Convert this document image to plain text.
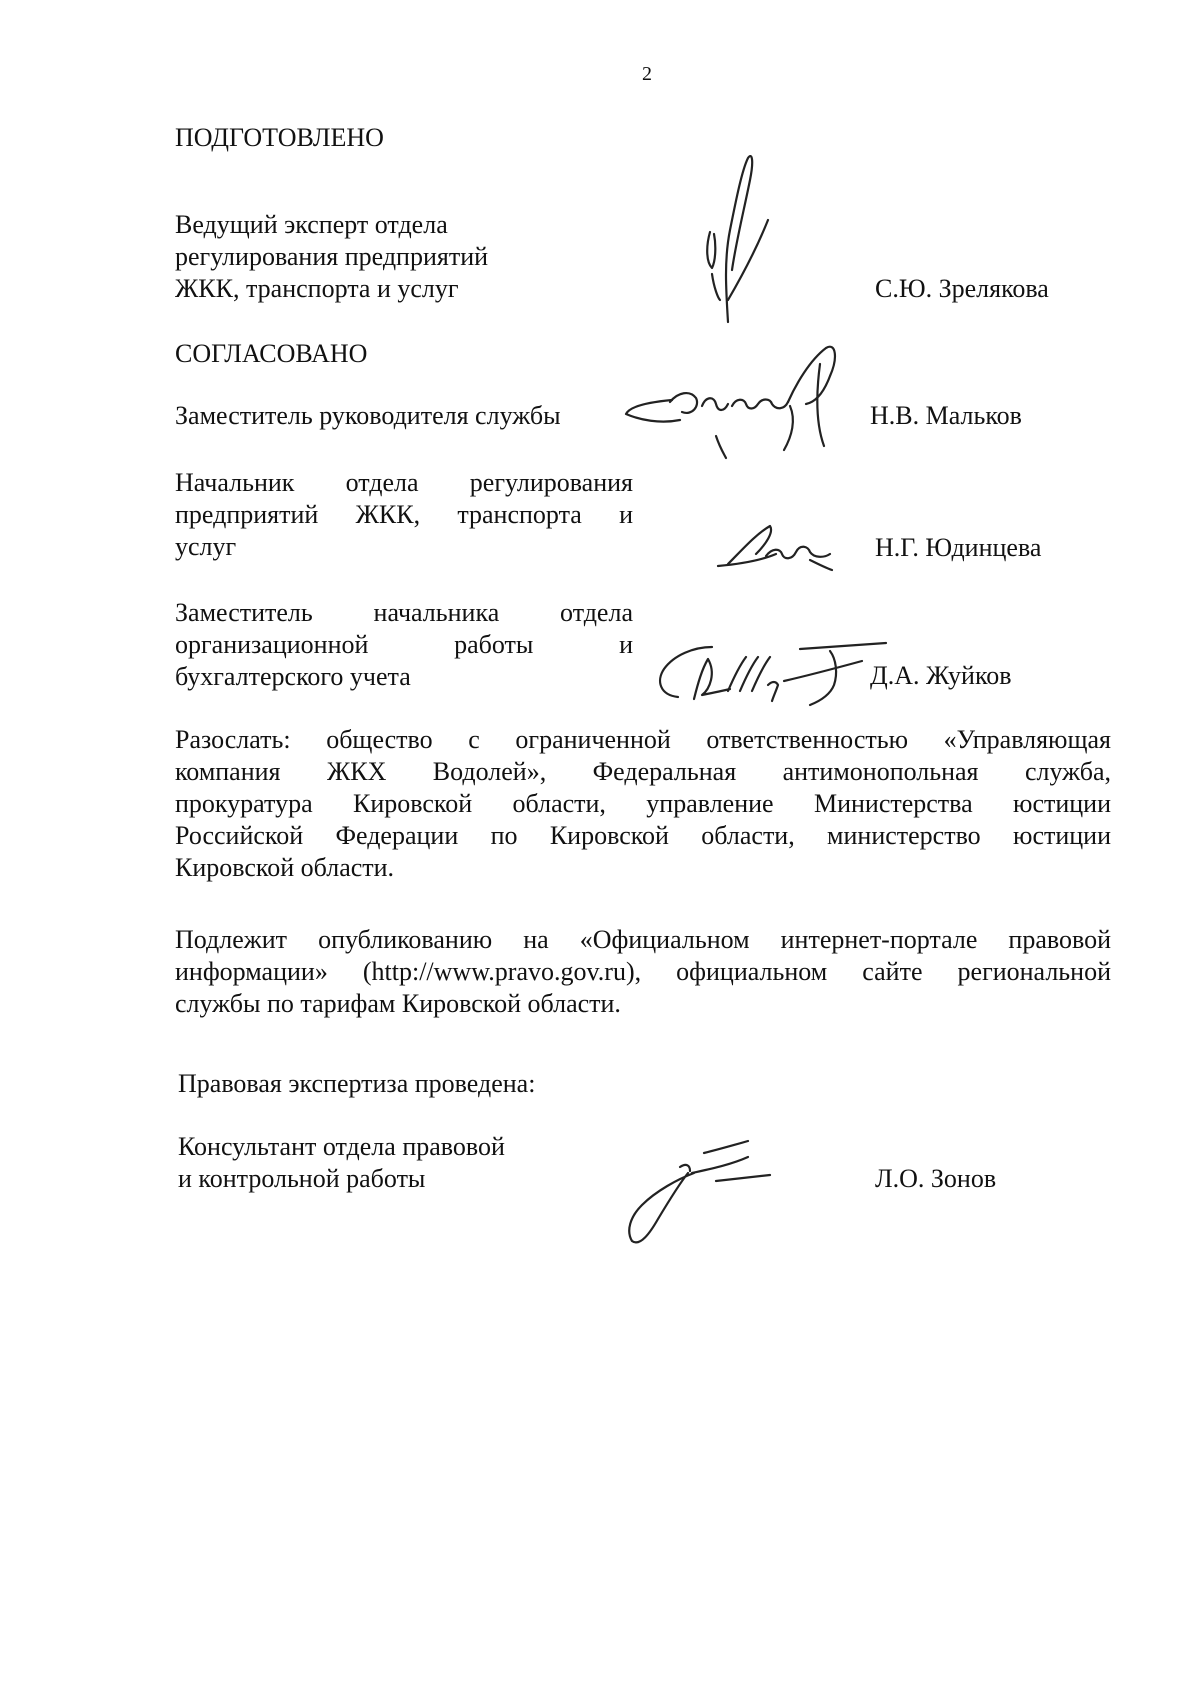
2
ПОДГОТОВЛЕНО
Ведущий эксперт отдела
регулирования предприятий
ЖКК, транспорта и услуг	С.Ю. Зрелякова
СОГЛАСОВАНО
Заместитель руководителя службы	Н.В. Мальков
Начальник отдела регулирования
предприятий ЖКК, транспорта и
услуг	Н.Г. Юдинцева
Заместитель начальника отдела
организационной работы и
бухгалтерского учета	Д.А. Жуйков
Разослать: общество с ограниченной ответственностью «Управляющая
компания ЖКХ Водолей», Федеральная антимонопольная служба,
прокуратура Кировской области, управление Министерства юстиции
Российской Федерации по Кировской области, министерство юстиции
Кировской области.
Подлежит опубликованию на «Официальном интернет-портале правовой
информации» (http://www.pravo.gov.ru), официальном сайте региональной
службы по тарифам Кировской области.
Правовая экспертиза проведена:
Консультант отдела правовой
и контрольной работы	Л.О. Зонов
